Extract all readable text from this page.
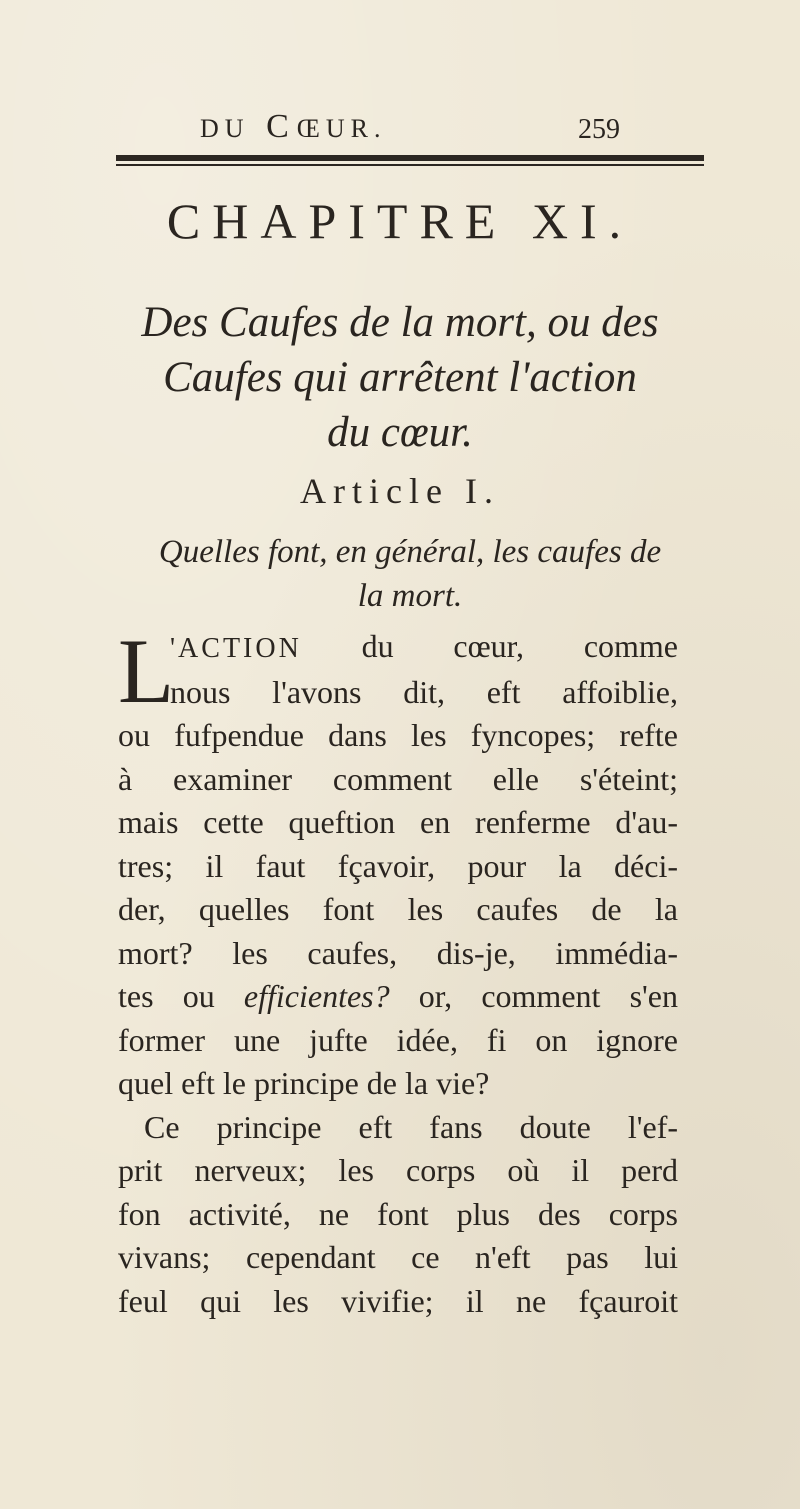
DU CŒUR.	259
CHAPITRE XI.
Des Caufes de la mort, ou des
Caufes qui arrêtent l'action
du cœur.
Article I.
Quelles font, en général, les caufes de
la mort.
L
'ACTION du cœur, comme
nous l'avons dit, eft affoiblie,
ou fufpendue dans les fyncopes; refte
à examiner comment elle s'éteint;
mais cette queftion en renferme d'au-
tres; il faut fçavoir, pour la déci-
der, quelles font les caufes de la
mort? les caufes, dis-je, immédia-
tes ou efficientes? or, comment s'en
former une jufte idée, fi on ignore
quel eft le principe de la vie?
Ce principe eft fans doute l'ef-
prit nerveux; les corps où il perd
fon activité, ne font plus des corps
vivans; cependant ce n'eft pas lui
feul qui les vivifie; il ne fçauroit
